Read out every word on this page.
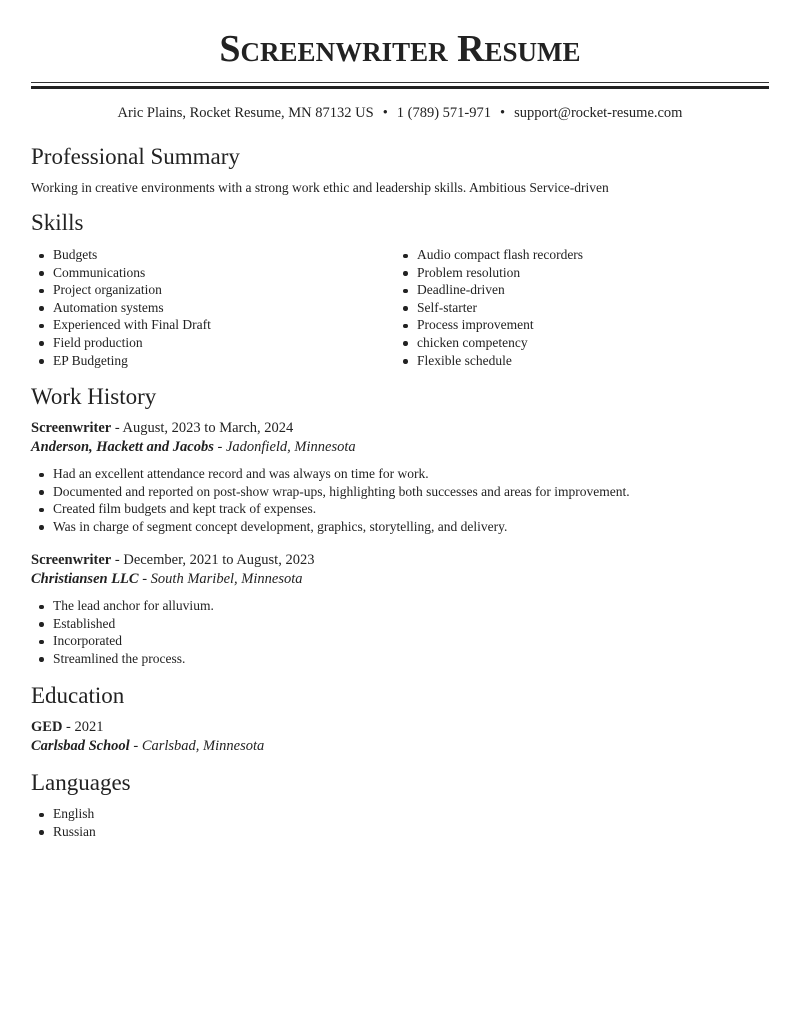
Screenwriter Resume
Aric Plains, Rocket Resume, MN 87132 US • 1 (789) 571-971 • support@rocket-resume.com
Professional Summary
Working in creative environments with a strong work ethic and leadership skills. Ambitious Service-driven
Skills
Budgets
Communications
Project organization
Automation systems
Experienced with Final Draft
Field production
EP Budgeting
Audio compact flash recorders
Problem resolution
Deadline-driven
Self-starter
Process improvement
chicken competency
Flexible schedule
Work History
Screenwriter - August, 2023 to March, 2024
Anderson, Hackett and Jacobs - Jadonfield, Minnesota
Had an excellent attendance record and was always on time for work.
Documented and reported on post-show wrap-ups, highlighting both successes and areas for improvement.
Created film budgets and kept track of expenses.
Was in charge of segment concept development, graphics, storytelling, and delivery.
Screenwriter - December, 2021 to August, 2023
Christiansen LLC - South Maribel, Minnesota
The lead anchor for alluvium.
Established
Incorporated
Streamlined the process.
Education
GED - 2021
Carlsbad School - Carlsbad, Minnesota
Languages
English
Russian
